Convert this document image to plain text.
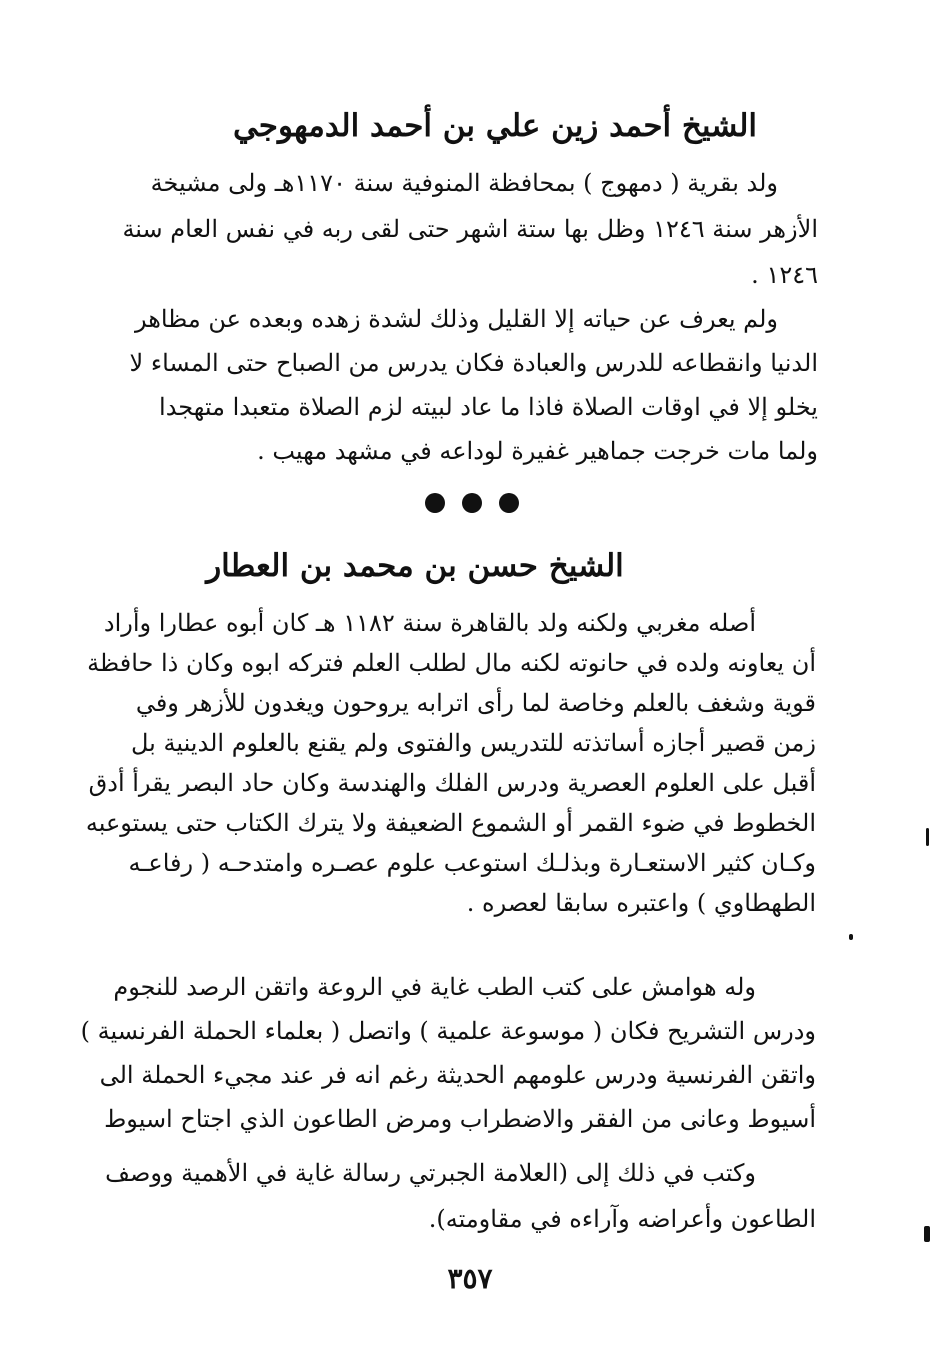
الشيخ أحمد زين علي بن أحمد الدمهوجي
ولد بقرية ( دمهوج ) بمحافظة المنوفية سنة ١١٧٠هـ ولى مشيخة
الأزهر سنة ١٢٤٦ وظل بها ستة اشهر حتى لقى ربه في نفس العام سنة
١٢٤٦ .
ولم يعرف عن حياته إلا القليل وذلك لشدة زهده وبعده عن مظاهر
الدنيا وانقطاعه للدرس والعبادة فكان يدرس من الصباح حتى المساء لا
يخلو إلا في اوقات الصلاة فاذا ما عاد لبيته لزم الصلاة متعبدا متهجدا
ولما مات خرجت جماهير غفيرة لوداعه في مشهد مهيب .
الشيخ حسن بن محمد بن العطار
أصله مغربي ولكنه ولد بالقاهرة سنة ١١٨٢ هـ كان أبوه عطارا وأراد
أن يعاونه ولده في حانوته لكنه مال لطلب العلم فتركه ابوه وكان ذا حافظة
قوية وشغف بالعلم وخاصة لما رأى اترابه يروحون ويغدون للأزهر وفي
زمن قصير أجازه أساتذته للتدريس والفتوى ولم يقنع بالعلوم الدينية بل
أقبل على العلوم العصرية ودرس الفلك والهندسة وكان حاد البصر يقرأ أدق
الخطوط في ضوء القمر أو الشموع الضعيفة ولا يترك الكتاب حتى يستوعبه
وكـان كثير الاستعـارة وبذلـك استوعب علوم عصـره وامتدحـه ( رفاعـه
الطهطاوي ) واعتبره سابقا لعصره .
وله هوامش على كتب الطب غاية في الروعة واتقن الرصد للنجوم
ودرس التشريح فكان ( موسوعة علمية ) واتصل ( بعلماء الحملة الفرنسية )
واتقن الفرنسية ودرس علومهم الحديثة رغم انه فر عند مجيء الحملة الى
أسيوط وعانى من الفقر والاضطراب ومرض الطاعون الذي اجتاح اسيوط
وكتب في ذلك إلى (العلامة الجبرتي رسالة غاية في الأهمية ووصف
الطاعون وأعراضه وآراءه في مقاومته).
٣٥٧
